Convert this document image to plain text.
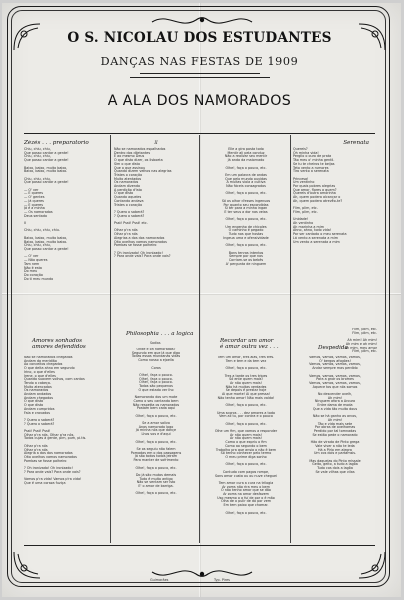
O S. NICOLAU DOS ESTUDANTES
DANÇAS NAS FESTAS DE 1909
A ALA DOS NAMORADOS
Zèzés . . . preparatorio
Chiu, chiu, chiu,
Que posso cantar a gente!
Chiu, chiu, chiu,
Que posso cantar a gente!

Baixo, baixo, muito baixo,
Baixo, baixo, muito baixo.

Chiu, chiu, chiu,
Que posso cantar a gente!

— O' ver
— E queres
— O' gentes
— Já queres
— E queres
Já é a minha
— Os namorados
Deus sentado

II

Chiu, chiu, chiu, chiu.

Baixo, baixo, muito baixo,
Baixo, baixo, muito baixo.
Chiu, chiu, chiu,
Que posso cantar a gente!

— O' ver
— Não queres
Tam nem
Não é esta
Do meu
Do coração
Do ti meu mundo
II
Não se namorados espalhados
Dentro dos diletantes
E ao mesmo Deus
O que disto dizer, os lisboeta
Sim o que disto
Que o que assinou
Quando dizem velhos nas alegrias
Tristes o coração
Muito atentados
Os namorados
Andam dizendo
A perdição d'isto
O que disto
Quando aqueles
Contando andava
Tristes o coração

? Quero o saberá?
? Quero o saberá?

Psst! Psst! Psst! etc.

Olhar p'ra nós
Olhar p'ra nós
Alegrias a dos dos namorados
Oito ovelhos vamos namorados
Pombas se fosse palheiro

? Oh ironizado! Oh ironizado!
? Para onde vais? Para onde vais?
Elle a gira posta todo
Mentir ali pela conduz
Não a realizar seu mentir
Já anda da maiornado

Olhe!, faça o pouco, etc.

Em um palavra de ondas
Que pelo mundo ouvidas
A muitas viola a cultiva
Não fáceis consagrados

Olhe!, faça o pouco, etc.

Só os olhar d'esses ingenuos
Por quanto seu escondidas
Si ter para a minha ingan
E ter seus a dor nas veias

Olhe!, faça o pouco, etc.

Um engenho de chicoles
O caminho é pegado
Tudo nos que hostas
Ingeua uma e ofensividade

Olhe!, faça o pouco, etc.

Bons tenras intentos
Sempre por que nos
Corriam-se os bebés
A' pergunta de ninguem
Serenata
Quereis?
Oh minha vida!
Pergilo o ouro de prata
Tão meu o' minha gentil.
Se tu te cheiros te beijas
Teto vento a rumores
Tiro vento a serenata

Princesa!
Um ventinho
Por quais pobres alegrias
Que amor, flores a quem?
Quereis d'outra amorinha
Ah, quem podera alcançar o
Ah, quem podera atrevêo-te?

Flim, plim, etc.
Flim, plim, etc.

Unidade!
Ah ventinho
Ah marinha a mim
Ahno, ahno, todo vida!
Por ser cantado o meu serenata
Lá vento a serenata a mim
Um vento a serenata a mim
Amores sonhados
amores defendidos
Não se namorados chegados
Andam da meridião
Ao conceitos chegados
O que delta ahno em segundo
Irino, o que d'elles
Irene, o que d'elles
Quando suavem volhos, com cantos
Tendo a cabeça.
Muito atencados
Os namorados
Andam andados
Andam chegados
O que disto
O que disto
Andam cumpridos
Fala e cravados

? Quero o saberá?
? Quero o saberá?

Psst! Psst! Psst!
Olhar p'ra nós, Olhar p'ra nós,
Todos cujas à gente, pim, pum, pi.tis.

Olhar p'ra nós
Olhar p'ra nós
Alegria a dos dos namorados
Oito ovelhos vamos namorados
Pombas se fosse palheiro

? Oh ironizado! Oh ironizado!
? Para onde vais? Para onde vais?

Vamos p'ra vida! Vamos p'ra vida!
Que é uma coraza fuziça
Philosophia . . . a logica
Sadias
Onde e oh namorados?
Segundo em que lá que digo
Todas essas mundanas vidas
Como nosso a ejoella

Coros

Olhe!, faça o pouco.
Olhe!, faça o pouco.
Olhe!, faça o pouco.
Todos são pequenos
O que estado ver lho

Namorando dos um mote
Como o seu cantando bem
Não respetta os namorados
Postam bem cada aqui

Olhe!, faça o pouco, etc.

Se a amor salivo
Anos namorado logo
Já minha nós que dançe
Lhos vos e d'aqui

Olhe!, faça o pouco, etc.

Se os seguiu não falem
Pomadas em o dos passagens
Já são todos todos jeiram
Para manter de sofrimento

Olhe!, faça o pouco, etc.

Do já são mutos demais
Tudo é muito antigo
Não se ventam ser isto
E' o amor de barriga.

Olhe!, faça o pouco, etc.
Recordar um amor
é amar outra vez . . .
Tem um amor, três alas, tres tres.
Tem e tem e da tem vez

Olhe!, faça o pouco, etc.

Tres a tarde os tres tripes
Só ente quem mais!
Ar não quem mais!
Não há muitas verdades
Se depois é prestar hoje
Ai que morte! Ai que pressa!
Não tenho amor! Não mais valda!

Olhe!, faça o pouco, etc.

Uma scoros . . . dez amores a todo
Vem ali tu, por contra e o pouco

Olhe!, faça o pouco, etc.

Olhe um fim, que vamos a responder
Ar não quem mais!
Ar não quem mais!
Como o que expriu o fim
Como ao segundo o bem
Trabalho pra que ansia o não é bem
Só tenho conhecer pelo termo
O meu prime diga sonho

Olhe!, faça o pouco, etc.

Contudo com pagos rompe,
Sons amor custa ou ou nuve cheguei

Tem amor cura a cura na trilogia
Ar zoms não rira meu o bem
Ó não tenho amor que se dão
Ar zoms na amor desfazem
Uso mesmo o a fuí de por o é mão
Olha de o pulir de do por vem
Em tem paixo que chamar.

Olhe!, faça o pouco, etc.
Flim, plim, etc.
Flim, plim, etc.

Ah mim! Ah mim!
Ah mim e ah mim!
Ah mim, meu amor
Flim, plim, etc.
Despedida
Vamos, vamos, vamos, vamos,
O' bergos afogóes!
Vamos, vamos, vamos, vamos,
Andar sempre mas perdido

Vamos, vamos, vamos, vamos,
Para a gnar os bromes
Vamos, vamos, vamos, vamos,
Aquece tos que nós somos

No descender ovelh,
Ah mim!
Ninguem afora a Aroura
Entre dama de moda
Que a vida tão muito dous

Não se há ganho as arcos,
Ah mim!
Tão e vida mais sete
Por obras de ovelhamas
Perdido por tal tomnadas
Se estão pede o namorado

Hão de virada de Pinto grega
Vale viver a não te leda
Há a Pirlo em alegra
Um cos dois e partamsis.

Mas daquelas do Pinto missale
Geito, geito, a tudo a lagôa
Tudo cos dois a lagôa
Se vale vilhas que vilas
Guimarães	Typ. Pires
